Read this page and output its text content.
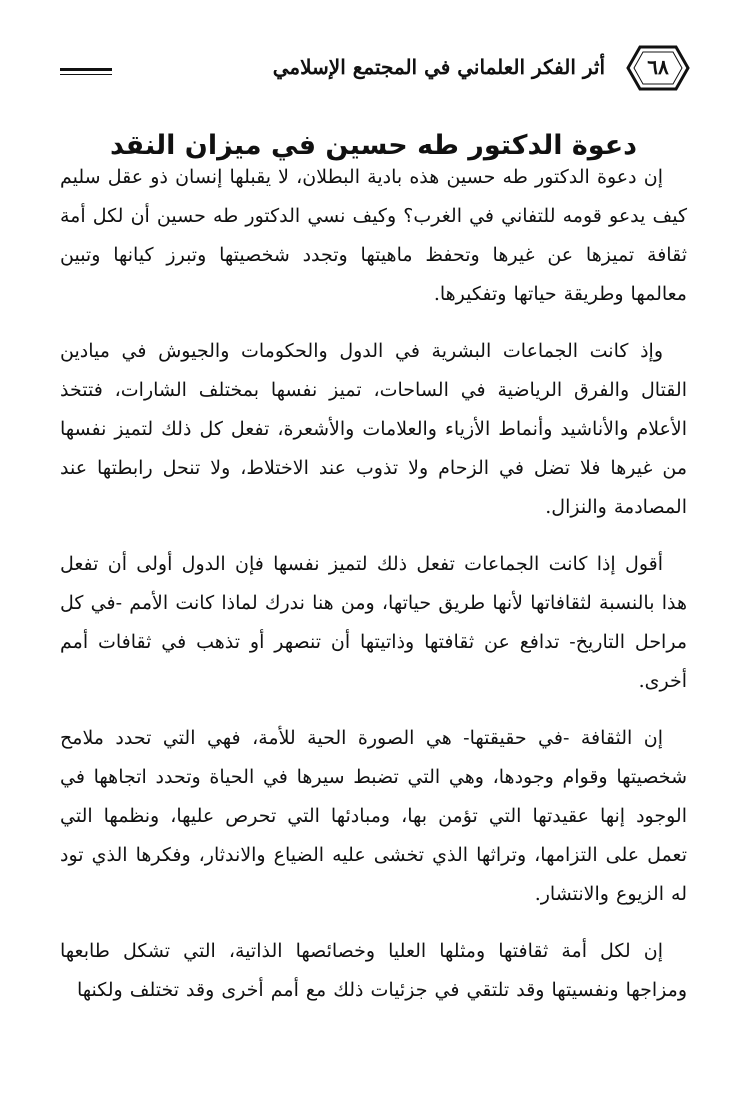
٦٨
أثر الفكر العلماني في المجتمع الإسلامي
دعوة الدكتور طه حسين في ميزان النقد

إن دعوة الدكتور طه حسين هذه بادية البطلان، لا يقبلها إنسان ذو عقل سليم كيف يدعو قومه للتفاني في الغرب؟ وكيف نسي الدكتور طه حسين أن لكل أمة ثقافة تميزها عن غيرها وتحفظ ماهيتها وتجدد شخصيتها وتبرز كيانها وتبين معالمها وطريقة حياتها وتفكيرها.

وإذ كانت الجماعات البشرية في الدول والحكومات والجيوش في ميادين القتال والفرق الرياضية في الساحات، تميز نفسها بمختلف الشارات، فتتخذ الأعلام والأناشيد وأنماط الأزياء والعلامات والأشعرة، تفعل كل ذلك لتميز نفسها من غيرها فلا تضل في الزحام ولا تذوب عند الاختلاط، ولا تنحل رابطتها عند المصادمة والنزال.

أقول إذا كانت الجماعات تفعل ذلك لتميز نفسها فإن الدول أولى أن تفعل هذا بالنسبة لثقافاتها لأنها طريق حياتها، ومن هنا ندرك لماذا كانت الأمم -في كل مراحل التاريخ- تدافع عن ثقافتها وذاتيتها أن تنصهر أو تذهب في ثقافات أمم أخرى.

إن الثقافة -في حقيقتها- هي الصورة الحية للأمة، فهي التي تحدد ملامح شخصيتها وقوام وجودها، وهي التي تضبط سيرها في الحياة وتحدد اتجاهها في الوجود إنها عقيدتها التي تؤمن بها، ومبادئها التي تحرص عليها، ونظمها التي تعمل على التزامها، وتراثها الذي تخشى عليه الضياع والاندثار، وفكرها الذي تود له الزيوع والانتشار.

إن لكل أمة ثقافتها ومثلها العليا وخصائصها الذاتية، التي تشكل طابعها ومزاجها ونفسيتها وقد تلتقي في جزئيات ذلك مع أمم أخرى وقد تختلف ولكنها
